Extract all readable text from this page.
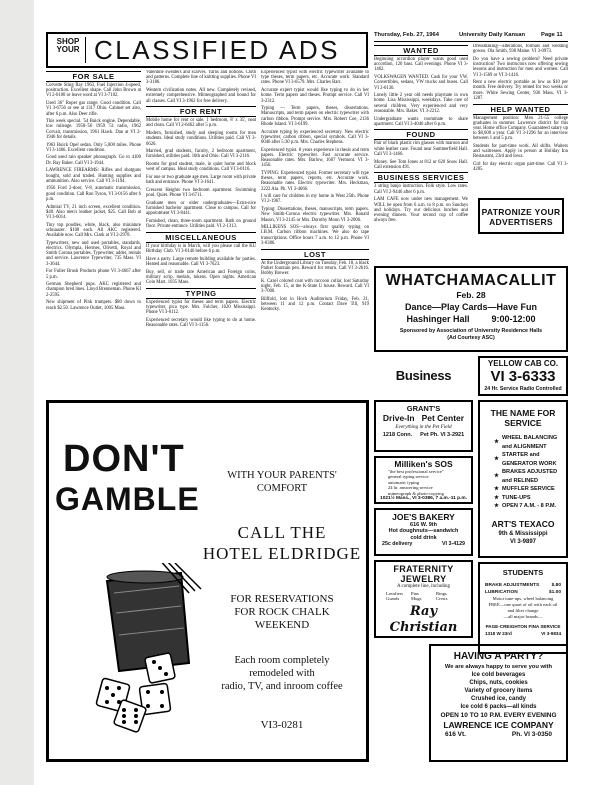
SHOP
YOUR CLASSIFIED ADS	Thursday, Feb. 27, 1964	University Daily Kansan	Page 11
FOR SALE
Corvette Sting Ray 1963, Fuel Injection 4-speed, positraction. Excellent shape. Call John Brown at VI 2-0100 or leave word at VI 3-7102.
Used 36" Roper gas range. Good condition. Call VI 3-6756 or see at 1317 Ohio. Cabinet set also, after 6 p.m. Also Deer rifle.
This week special. '54 Buick engine. Dependable, low mileage. 1958-'56 1959 '51 radio, 1962 Corvair, transmission, 1961 Hawk. Dan at VI 2-1946 for details.
1963 Buick Opel sedan. Only 5,000 miles. Phone VI 3-1466. Excellent condition.
Good used rain speaker phonograph. Go to 4100 Dr. Ray Baker. Call VI 3-1944.
LAWRENCE FIREARMS: Rifles and shotguns bought, sold and traded. Hunting supplies and ammunition. Also service. Call VI 3-1194.
1956 Ford 2-door, V-8, automatic transmission, good condition. Call Ron Tyson, VI 3-0156 after 6 p.m.
Admiral TV, 21 inch screen, excellent condition. $40. Also men's leather jacket, $25. Call Bob at VI 3-6014.
Tiny top poodles, white, black, also miniature schnauzer. $100 each. All AKC registered. Available now. Call Mrs. Clark at VI 2-2978.
Typewriters, new and used portables, standards, electrics. Olympia, Hermes, Olivetti, Royal and Smith Corona portables. Typewriter, adder, rentals and service. Lawrence Typewriter, 735 Mass. VI 3-3644.
For Fuller Brush Products phone VI 3-4667 after 5 p.m.
German Shepherd pups. AKC registered and champion bred lines. Lloyd Brenneman. Phone KI 2-2595.
New shipment of Pink trumpets. $80 down to reach $2.50. Lawrence Outlet, 1005 Mass.
Valentine sweaters and scarves. Yarns and notions. Cloth and patterns. Complete line of knitting supplies. Phone VI 3-3186.
Western civilization notes. All new. Completely revised, extremely comprehensive. Mimeographed and bound for all classes. Call VI 3-1962 for free delivery.
FOR RENT
Mobile home for rent or sale. 1 bedroom, 8' x 35', neat and clean. Call VI 2-6462 after 5 p.m.
Modern, furnished, study and sleeping rooms for men students. Ideal study conditions. Utilities paid. Call VI 3-0626.
Married, grad students, faculty, 2 bedroom apartment, furnished, utilities paid. 10th and Ohio. Call VI 3-2116.
Rooms for grad student, male, in quiet home and block west of campus. Ideal study conditions. Call VI 3-0116.
For one or two graduate age men. Large room with private bath and entrance. Phone VI 3-1641.
Crescent Heights two bedroom apartment. Swimming pool. Quiet. Phone VI 3-6711.
Graduate men or older undergraduates—Extra-nice furnished bachelor apartment. Close to campus. Call for appointment VI 3-8441.
Furnished, clean, three-room apartment. Bath on ground floor. Private entrance. Utilities paid. VI 2-1313.
MISCELLANEOUS
If your birthday is in March, will you please call the KU Birthday Club. VI 3-0146 before 6 p.m.
Have a party. Large remote building available for parties. Heated and reasonable. Call VI 3-7623.
Buy, sell, or trade rare American and Foreign coins, military scrip, medals, tokens. Open nights. American Coin Mart. 1035 Mass.
TYPING
Experienced typist for theses and term papers. Electric typewriter, pica type. Mrs. Fulcher, 1620 Mississippi. Phone VI 3-0112.
Experienced secretary would like typing to do at home. Reasonable rates. Call VI 3-1156.
Experienced typist with electric typewriter available to type theses, term papers, etc. Accurate work. Standard rates. Phone VI 3-6579. Mrs. Charles Barr.
Accurate expert typist would like typing to do in her home. Term papers and theses. Prompt service. Call VI 3-2312.
Typing — Term papers, theses, dissertations. Manuscripts, and term papers on electric typewriter with carbon ribbon. Prompt service. Mrs. Robert Coe, 2136 Rhode Island. VI 3-6199.
Accurate typing by experienced secretary. New electric typewriter, carbon ribbon, special symbols. Call VI 3-0046 after 5:30 p.m. Mrs. Charles Stephens.
Experienced typist. 8 years experience in thesis and term papers. Electric typewriter. Fast accurate service. Reasonable rates. Mrs. Barlow, 1607 Vermont. VI 3-1456.
TYPING: Experienced typist. Former secretary will type theses, term papers, reports, etc. Accurate work. Reasonable rates. Electric typewriter. Mrs. Heckman, 2222 Ala. Ph. VI 3-4666.
I will care for children in my home in West 25th. Phone VI 2-1967.
Typing: Dissertations, theses, manuscripts, term papers. New Smith-Corona electric typewriter. Mrs. Ronald Mason, VI 3-2145 or Mrs. Dorothy Moon VI 3-2006.
MILLIKENS SOS—always first quality typing on I.B.M. Carbon ribbon machines. We also do tape transcriptions. Office hours 7 a.m. to 12 p.m. Phone VI 3-0386.
LOST
At the Underground Library on Tuesday, Feb. 18, a black Parker fountain pen. Reward for return. Call VI 3-2616. Bobby Brewer.
K. Cazel colored coat with raccoon collar, lost Saturday night, Feb. 15, at the K-State U house. Reward. Call VI 3-7000.
Billfold, lost in Hoch Auditorium Friday, Feb. 21, between 11 and 12 p.m. Contact Dave Till, 919 Kentucky.
WANTED
Beginning accordion player wants good used accordion, 120 bass. Call evenings. Phone VI 3-1462.
VOLKSWAGEN WANTED. Cash for your VW. Convertibles, sedans, VW trucks and buses. Call VI 2-0130.
Lonely little 2 year old needs playmate in own home. Lisa Mississippi, weekdays. Take care of several children. Very experienced and very reasonable. Mrs. Baker. VI 3-2212.
Undergraduate wants roommate to share apartment. Call VI 3-4046 after 6 p.m.
FOUND
Pair of black plastic rim glasses with maroon and white leather case. Found near Summerfield Hall. Call VI 3-1466.
Money. See Tom Jones at 812 or 620 Snow Hall. Call extension 491.
BUSINESS SERVICES
3 string banjo instruction. Folk style. Low rates. Call VI 2-9446 after 6 p.m.
LAM CAFE now under new management. We WILL be open from 6 a.m. to 8 p.m. on Sundays and holidays. Try our delicious lunches and evening dinners. Your second cup of coffee always free.
Dressmaking—alterations, formals and wedding gowns. Ola Smith, 938 Maine. VI 3-0973.
Do you have a sewing problem? Need private instruction? Two instructors now offering sewing lessons and instruction for men and women. Call VI 3-1569 or VI 3-1416.
Rent a new electric portable as low as $10 per month. Free delivery. Try rented for two weeks or more. White Sewing Center, 936 Mass. VI 3-1287.
HELP WANTED
Management position: Men 21-55 college graduates in summer. Lawrence district for this year. Home office Company. Guaranteed salary up to $8,600 a year. Call VI 3-1296 for an interview between 1 and 5 p.m.
Students for part-time work. All shifts. Waiters and waitresses. Apply in person at Holiday Inn Restaurant, 23rd and Iowa.
Girl for day electric organ part-time. Call VI 3-4285.
PATRONIZE YOUR ADVERTISERS
WHATCHAMACALLIT
Feb. 28
Dance—Play Cards—Have Fun
Hashinger Hall 9:00-12:00
Sponsored by Association of University Residence Halls
(Ad Courtesy ASC)
Business
YELLOW CAB CO.
VI 3-6333
24 Hr. Service Radio Controlled
GRANT'S
Drive-In Pet Center
Everything in the Pet Field
1218 Conn. Pet Ph. VI 3-2921
Milliken's SOS
"the best professional service"
general typing service
automatic typing
24 hr. answering service
mimeograph & photo-copying
1021½ Mass., VI 3-0386, 7 a.m.-11 p.m.
JOE'S BAKERY
616 W. 9th
Hot doughnuts—sandwich
cold drink
25c delivery	VI 3-4129
FRATERNITY JEWELRY
A complete line, including
Lavaliers	Pins	Rings
Guards	Mugs	Crests
Ray Christian
IT'S OK TO OWE RAY
THE NAME FOR SERVICE
★
WHEEL BALANCING and ALIGNMENT
★
STARTER and GENERATOR WORK
★
BRAKES ADJUSTED and RELINED
★ MUFFLER SERVICE
★ TUNE-UPS
★ OPEN 7 A.M. - 8 P.M.
ART'S TEXACO
9th & Mississippi
VI 3-9897
STUDENTS
BRAKE ADJUSTMENTS	$.80
LUBRICATION	$1.00
Motor tune-ups, wheel balancing
FREE—one quart of oil with each oil and filter change
—all major brands—
PAGE-CREIGHTON FINA SERVICE
1318 W 23rd	VI 3-9834
HAVING A PARTY?
We are always happy to serve you with
Ice cold beverages
Chips, nuts, cookies
Variety of grocery items
Crushed ice, candy
Ice cold 6 packs—all kinds
OPEN 10 TO 10 P.M. EVERY EVENING
LAWRENCE ICE COMPANY
616 Vt.	Ph. VI 3-0350
DON'T
GAMBLE
WITH YOUR PARENTS'
COMFORT
CALL THE
HOTEL ELDRIDGE
FOR RESERVATIONS
FOR ROCK CHALK
WEEKEND
Each room completely
remodeled with
radio, TV, and inroom coffee
VI3-0281
